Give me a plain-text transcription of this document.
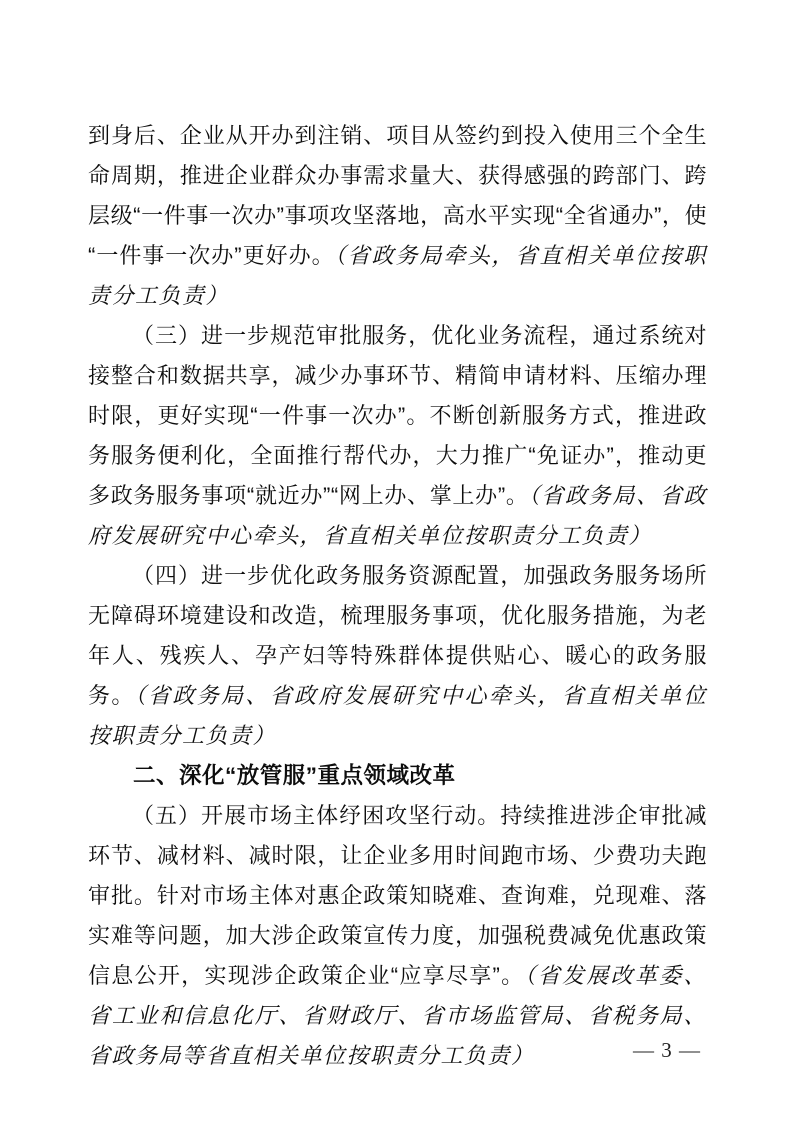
到身后、企业从开办到注销、项目从签约到投入使用三个全生命周期，推进企业群众办事需求量大、获得感强的跨部门、跨层级“一件事一次办”事项攻坚落地，高水平实现“全省通办”，使“一件事一次办”更好办。（省政务局牵头，省直相关单位按职责分工负责）

（三）进一步规范审批服务，优化业务流程，通过系统对接整合和数据共享，减少办事环节、精简申请材料、压缩办理时限，更好实现“一件事一次办”。不断创新服务方式，推进政务服务便利化，全面推行帮代办，大力推广“免证办”，推动更多政务服务事项“就近办”“网上办、掌上办”。（省政务局、省政府发展研究中心牵头，省直相关单位按职责分工负责）

（四）进一步优化政务服务资源配置，加强政务服务场所无障碍环境建设和改造，梳理服务事项，优化服务措施，为老年人、残疾人、孕产妇等特殊群体提供贴心、暖心的政务服务。（省政务局、省政府发展研究中心牵头，省直相关单位按职责分工负责）

二、深化“放管服”重点领域改革

（五）开展市场主体纾困攻坚行动。持续推进涉企审批减环节、减材料、减时限，让企业多用时间跑市场、少费功夫跑审批。针对市场主体对惠企政策知晓难、查询难，兑现难、落实难等问题，加大涉企政策宣传力度，加强税费减免优惠政策信息公开，实现涉企政策企业“应享尽享”。（省发展改革委、省工业和信息化厅、省财政厅、省市场监管局、省税务局、省政务局等省直相关单位按职责分工负责）	— 3 —
